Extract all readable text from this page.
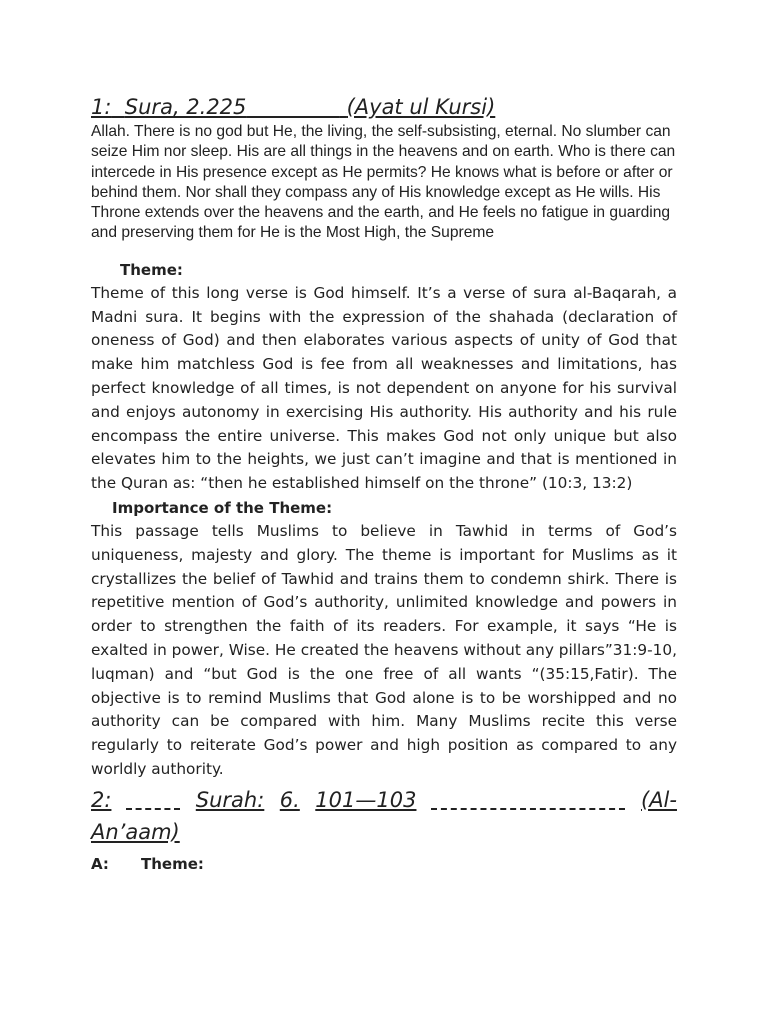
1: Sura, 2.225	(Ayat ul Kursi)

Allah. There is no god but He, the living, the self-subsisting, eternal. No slumber can seize Him nor sleep. His are all things in the heavens and on earth. Who is there can intercede in His presence except as He permits? He knows what is before or after or behind them. Nor shall they compass any of His knowledge except as He wills. His Throne extends over the heavens and the earth, and He feels no fatigue in guarding and preserving them for He is the Most High, the Supreme

Theme:

Theme of this long verse is God himself. It’s a verse of sura al-Baqarah, a Madni sura. It begins with the expression of the shahada (declaration of oneness of God) and then elaborates various aspects of unity of God that make him matchless God is fee from all weaknesses and limitations, has perfect knowledge of all times, is not dependent on anyone for his survival and enjoys autonomy in exercising His authority. His authority and his rule encompass the entire universe. This makes God not only unique but also elevates him to the heights, we just can’t imagine and that is mentioned in the Quran as: “then he established himself on the throne” (10:3, 13:2)

Importance of the Theme:

This passage tells Muslims to believe in Tawhid in terms of God’s uniqueness, majesty and glory. The theme is important for Muslims as it crystallizes the belief of Tawhid and trains them to condemn shirk. There is repetitive mention of God’s authority, unlimited knowledge and powers in order to strengthen the faith of its readers. For example, it says “He is exalted in power, Wise. He created the heavens without any pillars”31:9-10, luqman) and “but God is the one free of all wants “(35:15,Fatir). The objective is to remind Muslims that God alone is to be worshipped and no authority can be compared with him. Many Muslims recite this verse regularly to reiterate God’s power and high position as compared to any worldly authority.

2:
	Surah: 6. 101—103
	(Al-
An’aam)

A: Theme:
